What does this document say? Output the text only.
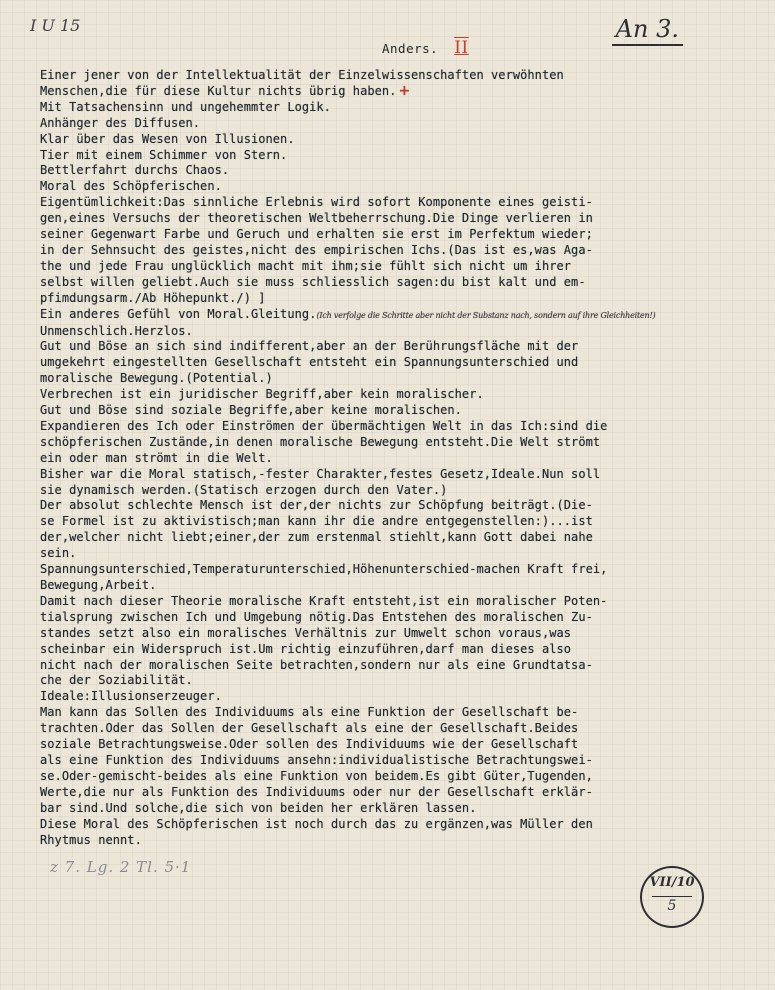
I U 15
Anders. II
An 3.
Einer jener von der Intellektualität der Einzelwissenschaften verwöhnten
Menschen,die für diese Kultur nichts übrig haben. +
Mit Tatsachensinn und ungehemmter Logik.
Anhänger des Diffusen.
Klar über das Wesen von Illusionen.
Tier mit einem Schimmer von Stern.
Bettlerfahrt durchs Chaos.
Moral des Schöpferischen.
Eigentümlichkeit:Das sinnliche Erlebnis wird sofort Komponente eines geisti-
gen,eines Versuchs der theoretischen Weltbeherrschung.Die Dinge verlieren in
seiner Gegenwart Farbe und Geruch und erhalten sie erst im Perfektum wieder;
in der Sehnsucht des geistes,nicht des empirischen Ichs.(Das ist es,was Aga-
the und jede Frau unglücklich macht mit ihm;sie fühlt sich nicht um ihrer
selbst willen geliebt.Auch sie muss schliesslich sagen:du bist kalt und em-
pfimdungsarm./Ab Höhepunkt./) ]
Ein anderes Gefühl von Moral.Gleitung.(Ich verfolge die Schritte aber nicht der Substanz nach, sondern auf ihre Gleichheiten!)
Unmenschlich.Herzlos.
Gut und Böse an sich sind indifferent,aber an der Berührungsfläche mit der
umgekehrt eingestellten Gesellschaft entsteht ein Spannungsunterschied und
moralische Bewegung.(Potential.)
Verbrechen ist ein juridischer Begriff,aber kein moralischer.
Gut und Böse sind soziale Begriffe,aber keine moralischen.
Expandieren des Ich oder Einströmen der übermächtigen Welt in das Ich:sind die
schöpferischen Zustände,in denen moralische Bewegung entsteht.Die Welt strömt
ein oder man strömt in die Welt.
Bisher war die Moral statisch,-fester Charakter,festes Gesetz,Ideale.Nun soll
sie dynamisch werden.(Statisch erzogen durch den Vater.)
Der absolut schlechte Mensch ist der,der nichts zur Schöpfung beiträgt.(Die-
se Formel ist zu aktivistisch;man kann ihr die andre entgegenstellen:)...ist
der,welcher nicht liebt;einer,der zum erstenmal stiehlt,kann Gott dabei nahe
sein.
Spannungsunterschied,Temperaturunterschied,Höhenunterschied-machen Kraft frei,
Bewegung,Arbeit.
Damit nach dieser Theorie moralische Kraft entsteht,ist ein moralischer Poten-
tialsprung zwischen Ich und Umgebung nötig.Das Entstehen des moralischen Zu-
standes setzt also ein moralisches Verhältnis zur Umwelt schon voraus,was
scheinbar ein Widerspruch ist.Um richtig einzuführen,darf man dieses also
nicht nach der moralischen Seite betrachten,sondern nur als eine Grundtatsa-
che der Soziabilität.
Ideale:Illusionserzeuger.
Man kann das Sollen des Individuums als eine Funktion der Gesellschaft be-
trachten.Oder das Sollen der Gesellschaft als eine der Gesellschaft.Beides
soziale Betrachtungsweise.Oder sollen des Individuums wie der Gesellschaft
als eine Funktion des Individuums ansehn:individualistische Betrachtungswei-
se.Oder-gemischt-beides als eine Funktion von beidem.Es gibt Güter,Tugenden,
Werte,die nur als Funktion des Individuums oder nur der Gesellschaft erklär-
bar sind.Und solche,die sich von beiden her erklären lassen.
Diese Moral des Schöpferischen ist noch durch das zu ergänzen,was Müller den
Rhytmus nennt.
z 7. Lg. 2 Tl. 5·1
VII/10
5
